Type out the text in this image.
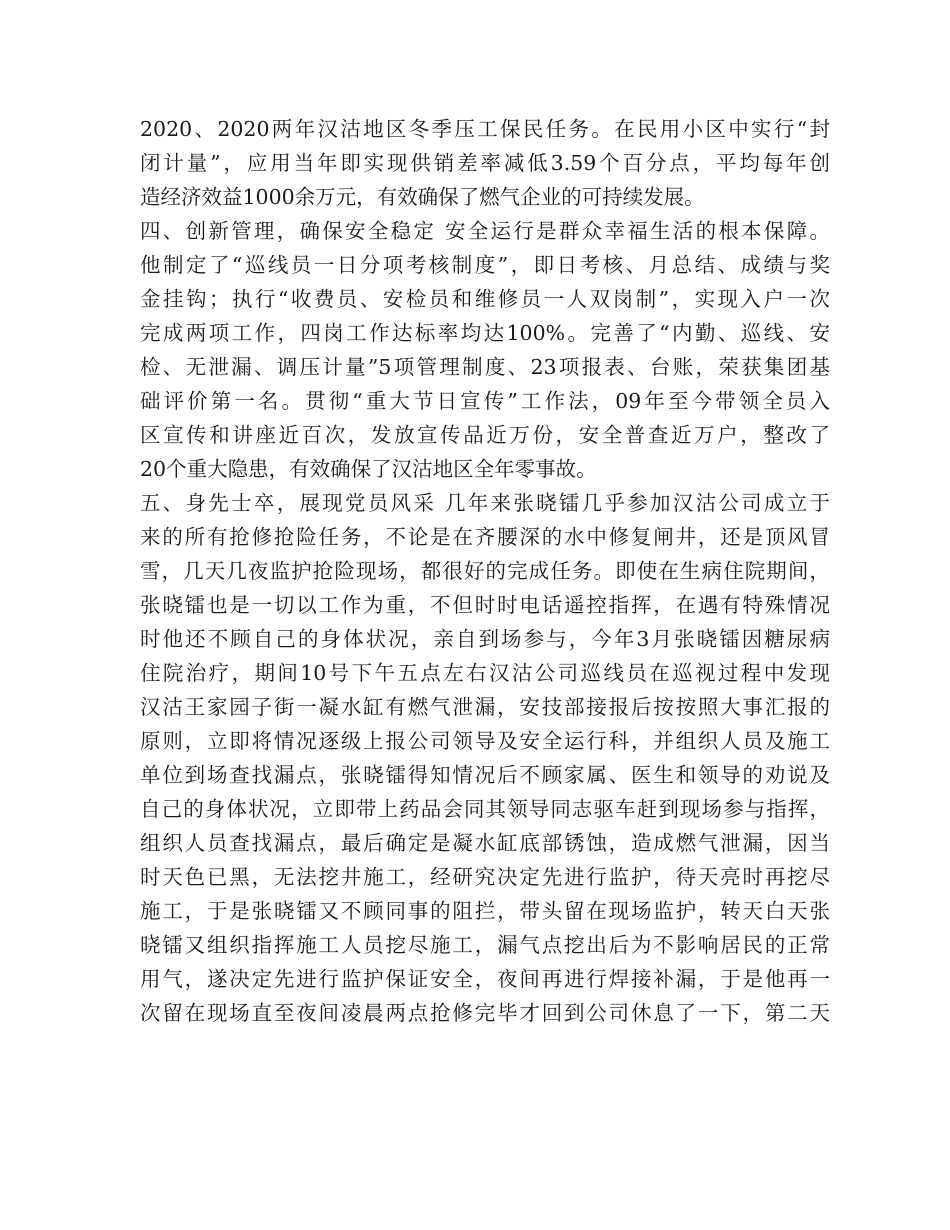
2020、2020两年汉沽地区冬季压工保民任务。在民用小区中实行“封
闭计量”，应用当年即实现供销差率减低3.59个百分点，平均每年创
造经济效益1000余万元，有效确保了燃气企业的可持续发展。
四、创新管理，确保安全稳定 安全运行是群众幸福生活的根本保障。
他制定了“巡线员一日分项考核制度”，即日考核、月总结、成绩与奖
金挂钩；执行“收费员、安检员和维修员一人双岗制”，实现入户一次
完成两项工作，四岗工作达标率均达100%。完善了“内勤、巡线、安
检、无泄漏、调压计量”5项管理制度、23项报表、台账，荣获集团基
础评价第一名。贯彻“重大节日宣传”工作法，09年至今带领全员入
区宣传和讲座近百次，发放宣传品近万份，安全普查近万户，整改了
20个重大隐患，有效确保了汉沽地区全年零事故。
五、身先士卒，展现党员风采 几年来张晓镭几乎参加汉沽公司成立于
来的所有抢修抢险任务，不论是在齐腰深的水中修复闸井，还是顶风冒
雪，几天几夜监护抢险现场，都很好的完成任务。即使在生病住院期间，
张晓镭也是一切以工作为重，不但时时电话遥控指挥，在遇有特殊情况
时他还不顾自己的身体状况，亲自到场参与，今年3月张晓镭因糖尿病
住院治疗，期间10号下午五点左右汉沽公司巡线员在巡视过程中发现
汉沽王家园子街一凝水缸有燃气泄漏，安技部接报后按按照大事汇报的
原则，立即将情况逐级上报公司领导及安全运行科，并组织人员及施工
单位到场查找漏点，张晓镭得知情况后不顾家属、医生和领导的劝说及
自己的身体状况，立即带上药品会同其领导同志驱车赶到现场参与指挥，
组织人员查找漏点，最后确定是凝水缸底部锈蚀，造成燃气泄漏，因当
时天色已黑，无法挖井施工，经研究决定先进行监护，待天亮时再挖尽
施工，于是张晓镭又不顾同事的阻拦，带头留在现场监护，转天白天张
晓镭又组织指挥施工人员挖尽施工，漏气点挖出后为不影响居民的正常
用气，遂决定先进行监护保证安全，夜间再进行焊接补漏，于是他再一
次留在现场直至夜间凌晨两点抢修完毕才回到公司休息了一下，第二天
